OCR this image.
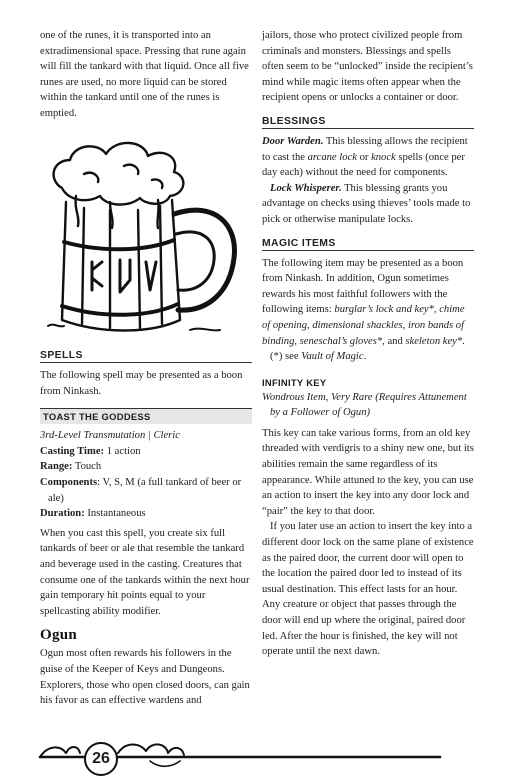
one of the runes, it is transported into an extradimensional space. Pressing that rune again will fill the tankard with that liquid. Once all five runes are used, no more liquid can be stored within the tankard until one of the runes is emptied.

SPELLS

The following spell may be presented as a boon from Ninkash.

TOAST THE GODDESS

3rd-Level Transmutation | Cleric

Casting Time: 1 action

Range: Touch

Components: V, S, M (a full tankard of beer or ale)

Duration: Instantaneous

When you cast this spell, you create six full tankards of beer or ale that resemble the tankard and beverage used in the casting. Creatures that consume one of the tankards within the next hour gain temporary hit points equal to your spellcasting ability modifier.

Ogun

Ogun most often rewards his followers in the guise of the Keeper of Keys and Dungeons. Explorers, those who open closed doors, can gain his favor as can effective wardens and

jailors, those who protect civilized people from criminals and monsters. Blessings and spells often seem to be “unlocked” inside the recipient’s mind while magic items often appear when the recipient opens or unlocks a container or door.

BLESSINGS

Door Warden. This blessing allows the recipient to cast the arcane lock or knock spells (once per day each) without the need for components.

Lock Whisperer. This blessing grants you advantage on checks using thieves’ tools made to pick or otherwise manipulate locks.

MAGIC ITEMS

The following item may be presented as a boon from Ninkash. In addition, Ogun sometimes rewards his most faithful followers with the following items: burglar’s lock and key*, chime of opening, dimensional shackles, iron bands of binding, seneschal’s gloves*, and skeleton key*.

(*) see Vault of Magic.

INFINITY KEY

Wondrous Item, Very Rare (Requires Attunement by a Follower of Ogun)

This key can take various forms, from an old key threaded with verdigris to a shiny new one, but its abilities remain the same regardless of its appearance. While attuned to the key, you can use an action to insert the key into any door lock and “pair” the key to that door.

If you later use an action to insert the key into a different door lock on the same plane of existence as the paired door, the current door will open to the location the paired door led to instead of its usual destination. This effect lasts for an hour. Any creature or object that passes through the door will end up where the original, paired door led. After the hour is finished, the key will not operate until the next dawn.

26
